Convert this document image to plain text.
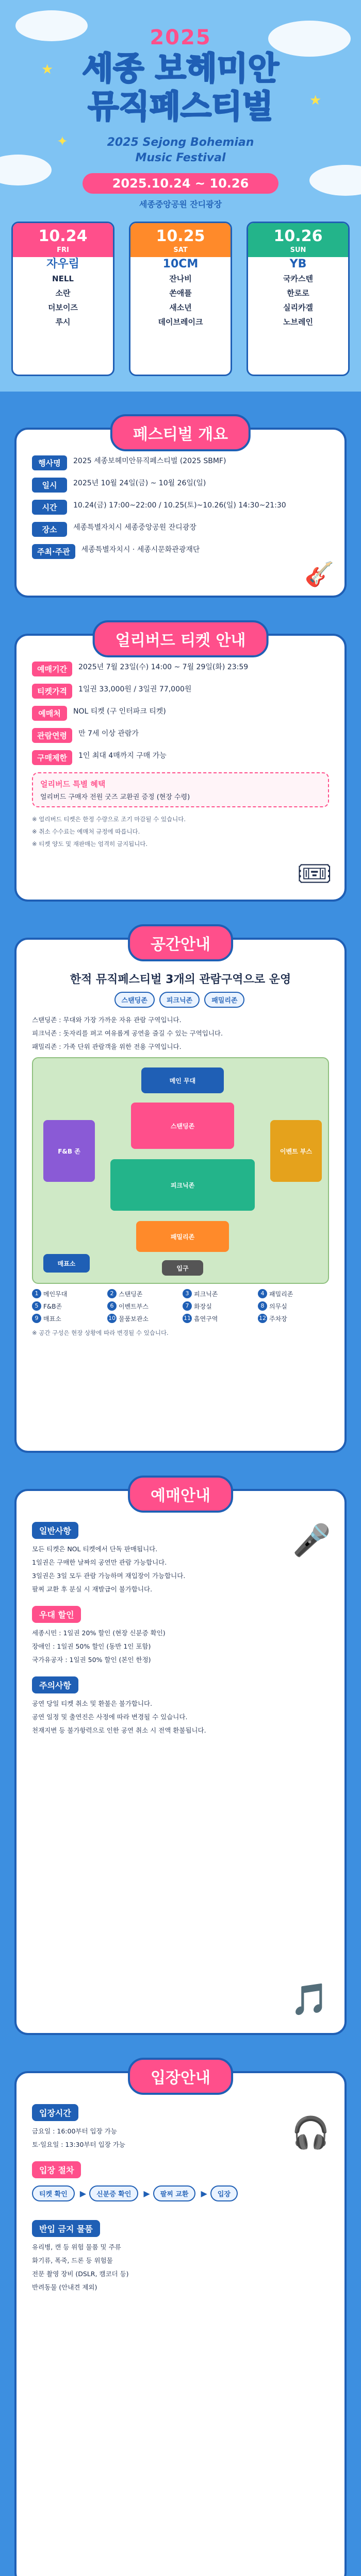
★
★
✦
2025
세종 보헤미안
뮤직페스티벌
2025 Sejong Bohemian
Music Festival
2025.10.24 ~ 10.26
세종중앙공원 잔디광장
10.24
FRI
자우림
NELL
소란
더보이즈
루시
10.25
SAT
10CM
잔나비
쏜애플
새소년
데이브레이크
10.26
SUN
YB
국카스텐
한로로
실리카겔
노브레인
페스티벌 개요
행사명	2025 세종보헤미안뮤직페스티벌 (2025 SBMF)
일시	2025년 10월 24일(금) ~ 10월 26일(일)
시간	10.24(금) 17:00~22:00 / 10.25(토)~10.26(일) 14:30~21:30
장소	세종특별자치시 세종중앙공원 잔디광장
주최·주관	세종특별자치시 · 세종시문화관광재단
🎸
얼리버드 티켓 안내
예매기간	2025년 7월 23일(수) 14:00 ~ 7월 29일(화) 23:59
티켓가격	1일권 33,000원 / 3일권 77,000원
예매처	NOL 티켓 (구 인터파크 티켓)
관람연령	만 7세 이상 관람가
구매제한	1인 최대 4매까지 구매 가능
얼리버드 특별 혜택
얼리버드 구매자 전원 굿즈 교환권 증정 (현장 수령)
※ 얼리버드 티켓은 한정 수량으로 조기 마감될 수 있습니다.
※ 취소 수수료는 예매처 규정에 따릅니다.
※ 티켓 양도 및 재판매는 엄격히 금지됩니다.
🎟
공간안내
한적 뮤직페스티벌 3개의 관람구역으로 운영
스탠딩존	피크닉존	패밀리존
스탠딩존 : 무대와 가장 가까운 자유 관람 구역입니다.
피크닉존 : 돗자리를 펴고 여유롭게 공연을 즐길 수 있는 구역입니다.
패밀리존 : 가족 단위 관람객을 위한 전용 구역입니다.
메인 무대
스탠딩존
피크닉존
패밀리존
F&B 존	이벤트 부스
입구
매표소
1 메인무대	2 스탠딩존	3 피크닉존	4 패밀리존
5 F&B존	6 이벤트부스	7 화장실	8 의무실
9 매표소	10 물품보관소	11 흡연구역	12 주차장
※ 공간 구성은 현장 상황에 따라 변경될 수 있습니다.
예매안내
일반사항
모든 티켓은 NOL 티켓에서 단독 판매됩니다.
1일권은 구매한 날짜의 공연만 관람 가능합니다.
3일권은 3일 모두 관람 가능하며 재입장이 가능합니다.
팔찌 교환 후 분실 시 재발급이 불가합니다.
우대 할인
세종시민 : 1일권 20% 할인 (현장 신분증 확인)
장애인 : 1일권 50% 할인 (동반 1인 포함)
국가유공자 : 1일권 50% 할인 (본인 한정)
주의사항
공연 당일 티켓 취소 및 환불은 불가합니다.
공연 일정 및 출연진은 사정에 따라 변경될 수 있습니다.
천재지변 등 불가항력으로 인한 공연 취소 시 전액 환불됩니다.
🎤
🎵
입장안내
입장시간
금요일 : 16:00부터 입장 가능
토·일요일 : 13:30부터 입장 가능
입장 절차
티켓 확인	▶	신분증 확인	▶	팔찌 교환	▶	입장
반입 금지 물품
유리병, 캔 등 위험 물품 및 주류
화기류, 폭죽, 드론 등 위험물
전문 촬영 장비 (DSLR, 캠코더 등)
반려동물 (안내견 제외)
🎧
